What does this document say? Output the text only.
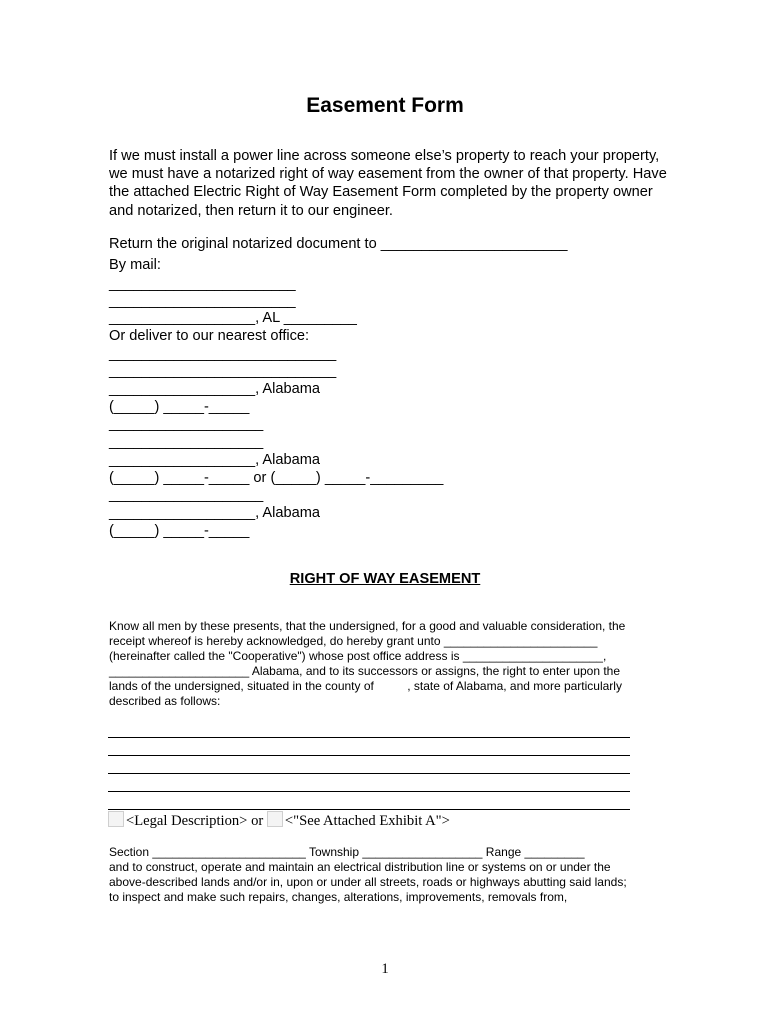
Easement Form
If we must install a power line across someone else’s property to reach your property, we must have a notarized right of way easement from the owner of that property. Have the attached Electric Right of Way Easement Form completed by the property owner and notarized, then return it to our engineer.
Return the original notarized document to _______________________
By mail:
_______________________
_______________________
__________________, AL _________
Or deliver to our nearest office:
____________________________
____________________________
__________________, Alabama
(_____) _____-_____
___________________
___________________
__________________, Alabama
(_____) _____-_____ or (_____) _____-_________
___________________
__________________, Alabama
(_____) _____-_____
RIGHT OF WAY EASEMENT
Know all men by these presents, that the undersigned, for a good and valuable consideration, the
receipt whereof is hereby acknowledged, do hereby grant unto _______________________
(hereinafter called the "Cooperative") whose post office address is _____________________,
_____________________ Alabama, and to its successors or assigns, the right to enter upon the
lands of the undersigned, situated in the county of          , state of Alabama, and more particularly
described as follows:
<Legal Description> or <"See Attached Exhibit A">
Section _______________________ Township __________________ Range _________
and to construct, operate and maintain an electrical distribution line or systems on or under the
above-described lands and/or in, upon or under all streets, roads or highways abutting said lands;
to inspect and make such repairs, changes, alterations, improvements, removals from,
1
